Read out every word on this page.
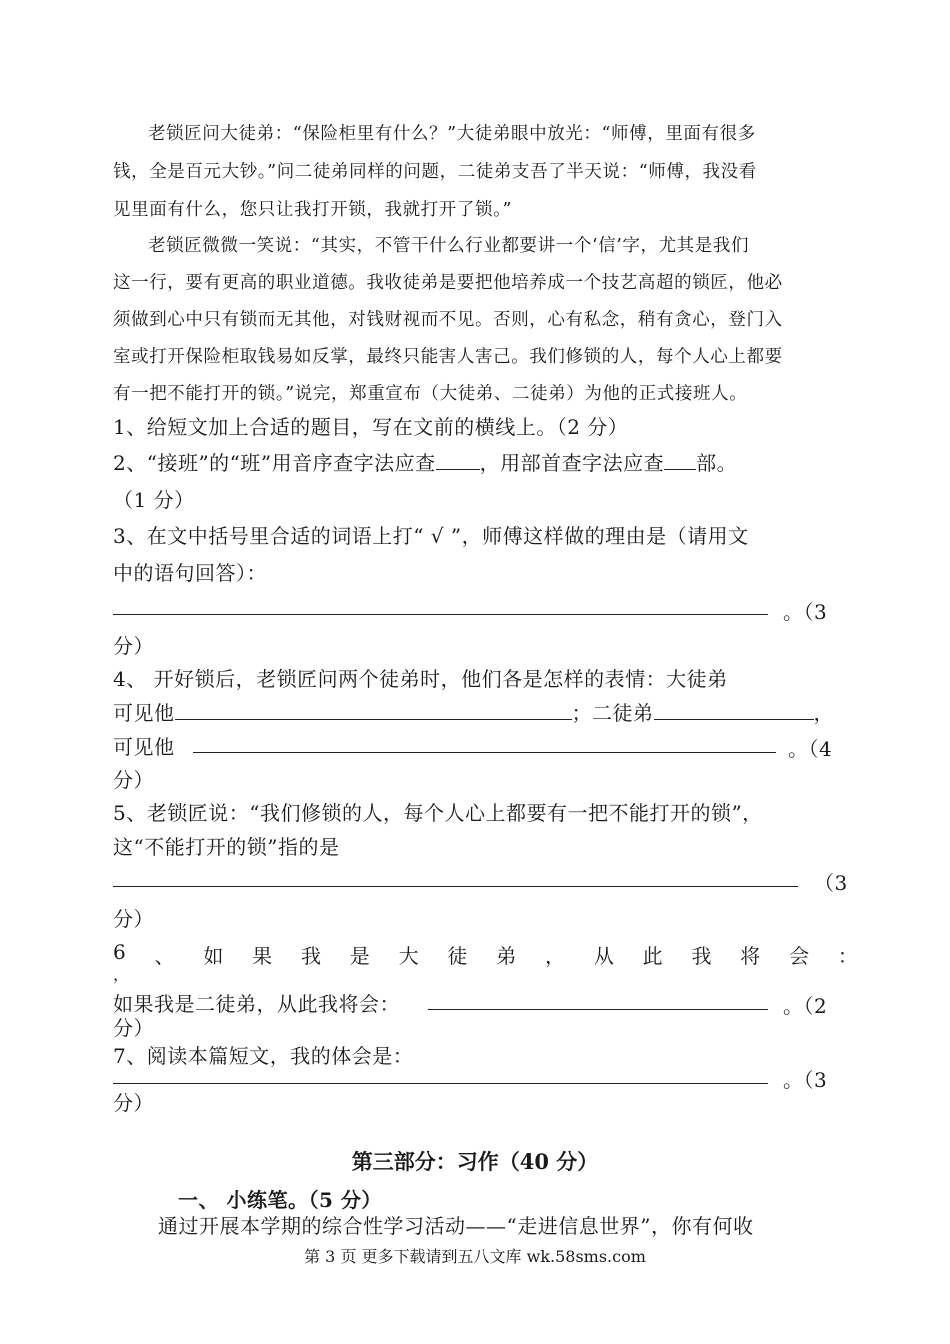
老锁匠问大徒弟：“保险柜里有什么？”大徒弟眼中放光：“师傅，里面有很多
钱，全是百元大钞。”问二徒弟同样的问题，二徒弟支吾了半天说：“师傅，我没看
见里面有什么，您只让我打开锁，我就打开了锁。”
老锁匠微微一笑说：“其实，不管干什么行业都要讲一个‘信’字，尤其是我们
这一行，要有更高的职业道德。我收徒弟是要把他培养成一个技艺高超的锁匠，他必
须做到心中只有锁而无其他，对钱财视而不见。否则，心有私念，稍有贪心，登门入
室或打开保险柜取钱易如反掌，最终只能害人害己。我们修锁的人，每个人心上都要
有一把不能打开的锁。”说完，郑重宣布（大徒弟、二徒弟）为他的正式接班人。
1、给短文加上合适的题目，写在文前的横线上。（2 分）
2、“接班”的“班”用音序查字法应查 ，用部首查字法应查 部。
（1 分）
3、在文中括号里合适的词语上打“ √ ”，师傅这样做的理由是（请用文
中的语句回答）：
。（3
分）
4、 开好锁后，老锁匠问两个徒弟时，他们各是怎样的表情：大徒弟
可见他	；二徒弟	，
可见他	。（4
分）
5、老锁匠说：“我们修锁的人，每个人心上都要有一把不能打开的锁”，
这“不能打开的锁”指的是
（3
分）
6 、 如 果 我 是 大 徒 弟 ， 从 此 我 将 会 ：
，
如果我是二徒弟，从此我将会：	。（2
分）
7、阅读本篇短文，我的体会是：
。（3
分）
第三部分：习作（40 分）
一、 小练笔。（5 分）
通过开展本学期的综合性学习活动——“走进信息世界”，你有何收
第 3 页 更多下载请到五八文库 wk.58sms.com
